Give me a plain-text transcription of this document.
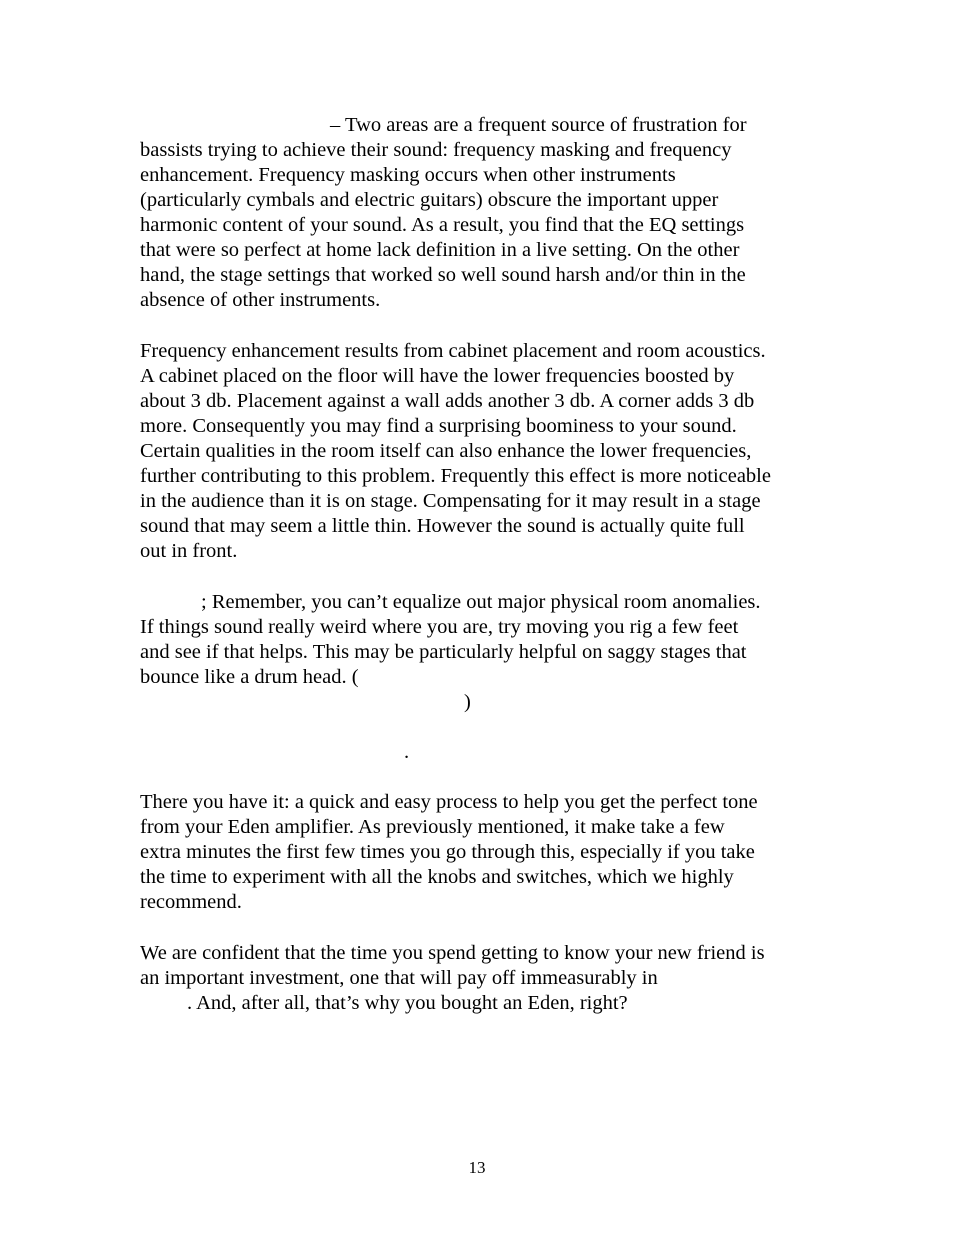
– Two areas are a frequent source of frustration for
bassists trying to achieve their sound: frequency masking and frequency
enhancement. Frequency masking occurs when other instruments
(particularly cymbals and electric guitars) obscure the important upper
harmonic content of your sound. As a result, you find that the EQ settings
that were so perfect at home lack definition in a live setting. On the other
hand, the stage settings that worked so well sound harsh and/or thin in the
absence of other instruments.
Frequency enhancement results from cabinet placement and room acoustics.
A cabinet placed on the floor will have the lower frequencies boosted by
about 3 db. Placement against a wall adds another 3 db. A corner adds 3 db
more. Consequently you may find a surprising boominess to your sound.
Certain qualities in the room itself can also enhance the lower frequencies,
further contributing to this problem. Frequently this effect is more noticeable
in the audience than it is on stage. Compensating for it may result in a stage
sound that may seem a little thin. However the sound is actually quite full
out in front.
; Remember, you can’t equalize out major physical room anomalies.
If things sound really weird where you are, try moving you rig a few feet
and see if that helps. This may be particularly helpful on saggy stages that
bounce like a drum head. (
)
.
There you have it: a quick and easy process to help you get the perfect tone
from your Eden amplifier. As previously mentioned, it make take a few
extra minutes the first few times you go through this, especially if you take
the time to experiment with all the knobs and switches, which we highly
recommend.
We are confident that the time you spend getting to know your new friend is
an important investment, one that will pay off immeasurably in
. And, after all, that’s why you bought an Eden, right?
13
